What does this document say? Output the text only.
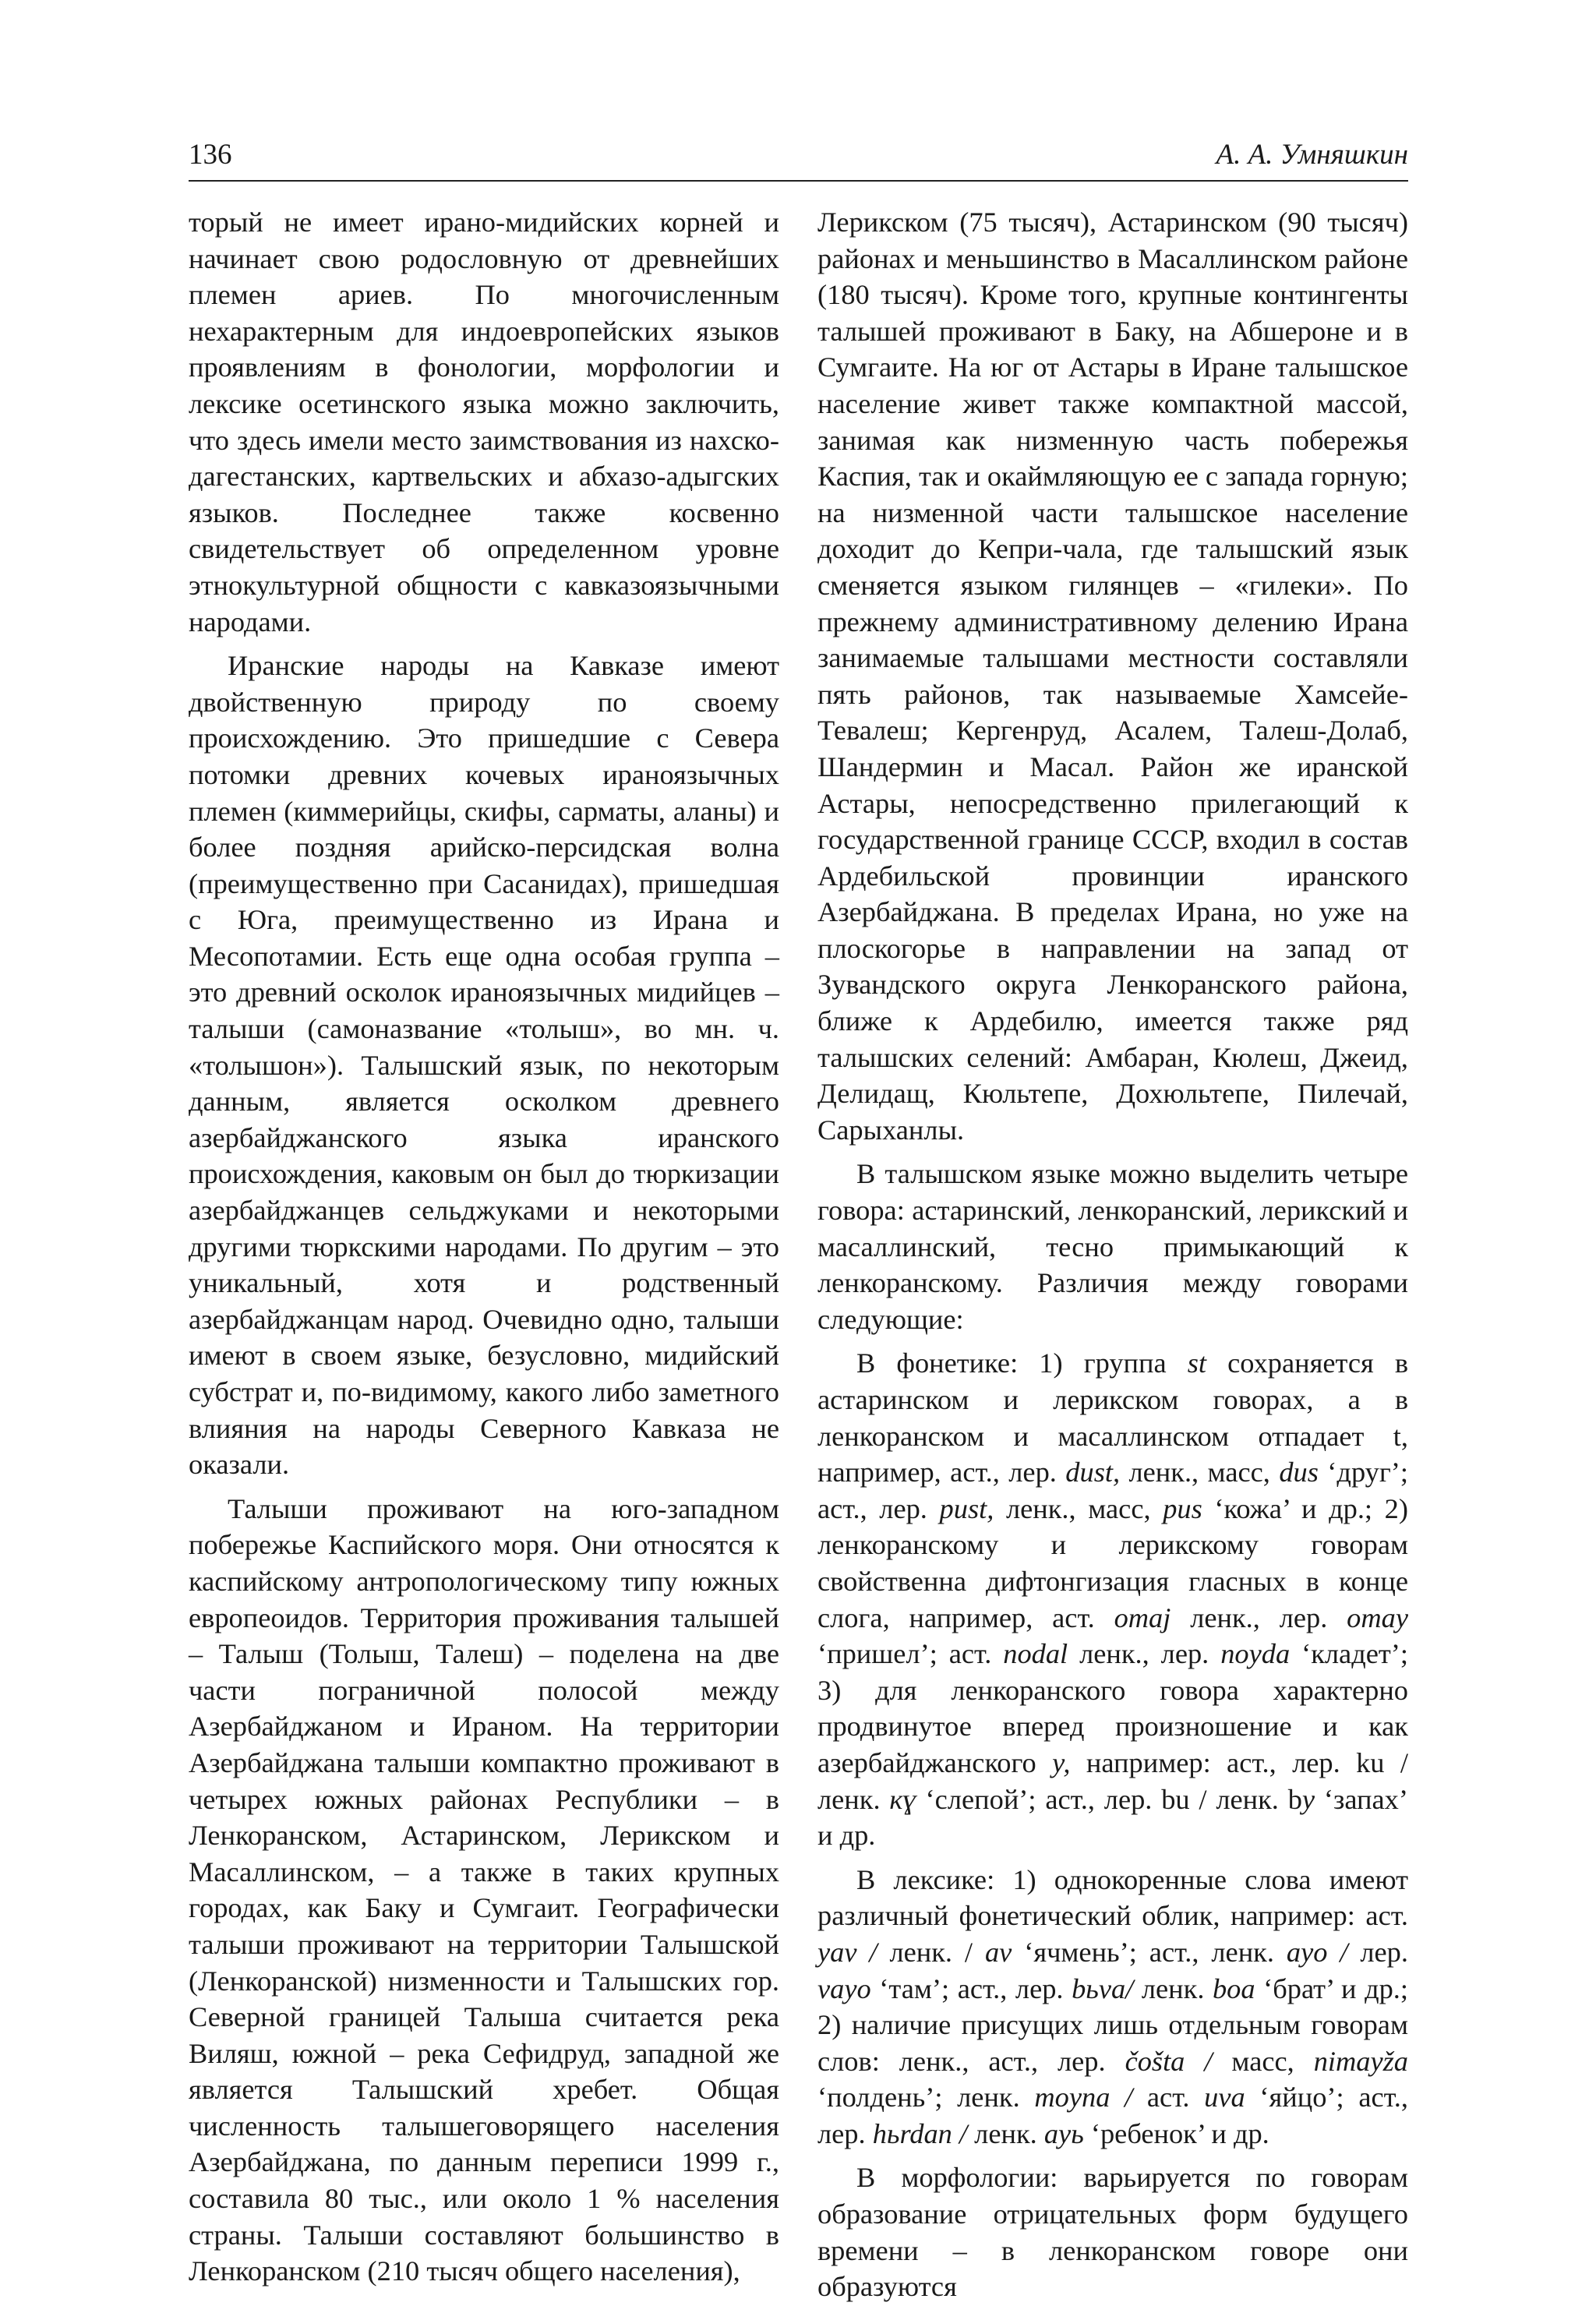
136	А. А. Умняшкин

торый не имеет ирано-мидийских корней и начинает свою родословную от древнейших племен ариев. По многочисленным нехарактерным для индоевропейских языков проявлениям в фонологии, морфологии и лексике осетинского языка можно заключить, что здесь имели место заимствования из нахско-дагестанских, картвельских и абхазо-адыгских языков. Последнее также косвенно свидетельствует об определенном уровне этнокультурной общности с кавказоязычными народами.

Иранские народы на Кавказе имеют двойственную природу по своему происхождению. Это пришедшие с Севера потомки древних кочевых ираноязычных племен (киммерийцы, скифы, сарматы, аланы) и более поздняя арийско-персидская волна (преимущественно при Сасанидах), пришедшая с Юга, преимущественно из Ирана и Месопотамии. Есть еще одна особая группа – это древний осколок ираноязычных мидийцев – талыши (самоназвание «толыш», во мн. ч. «толышон»). Талышский язык, по некоторым данным, является осколком древнего азербайджанского языка иранского происхождения, каковым он был до тюркизации азербайджанцев сельджуками и некоторыми другими тюркскими народами. По другим – это уникальный, хотя и родственный азербайджанцам народ. Очевидно одно, талыши имеют в своем языке, безусловно, мидийский субстрат и, по-видимому, какого либо заметного влияния на народы Северного Кавказа не оказали.

Талыши проживают на юго-западном побережье Каспийского моря. Они относятся к каспийскому антропологическому типу южных европеоидов. Территория проживания талышей – Талыш (Толыш, Талеш) – поделена на две части пограничной полосой между Азербайджаном и Ираном. На территории Азербайджана талыши компактно проживают в четырех южных районах Республики – в Ленкоранском, Астаринском, Лерикском и Масаллинском, – а также в таких крупных городах, как Баку и Сумгаит. Географически талыши проживают на территории Талышской (Ленкоранской) низменности и Талышских гор. Северной границей Талыша считается река Виляш, южной – река Сефидруд, западной же является Талышский хребет. Общая численность талышеговорящего населения Азербайджана, по данным переписи 1999 г., составила 80 тыс., или около 1 % населения страны. Талыши составляют большинство в Ленкоранском (210 тысяч общего населения),

Лерикском (75 тысяч), Астаринском (90 тысяч) районах и меньшинство в Масаллинском районе (180 тысяч). Кроме того, крупные контингенты талышей проживают в Баку, на Абшероне и в Сумгаите. На юг от Астары в Иране талышское население живет также компактной массой, занимая как низменную часть побережья Каспия, так и окаймляющую ее с запада горную; на низменной части талышское население доходит до Кепри-чала, где талышский язык сменяется языком гилянцев – «гилеки». По прежнему административному делению Ирана занимаемые талышами местности составляли пять районов, так называемые Хамсейе-Тевалеш; Кергенруд, Асалем, Талеш-Долаб, Шандермин и Масал. Район же иранской Астары, непосредственно прилегающий к государственной границе СССР, входил в состав Ардебильской провинции иранского Азербайджана. В пределах Ирана, но уже на плоскогорье в направлении на запад от Зувандского округа Ленкоранского района, ближе к Ардебилю, имеется также ряд талышских селений: Амбаран, Кюлеш, Джеид, Делидащ, Кюльтепе, Дохюльтепе, Пилечай, Сарыханлы.

В талышском языке можно выделить четыре говора: астаринский, ленкоранский, лерикский и масаллинский, тесно примыкающий к ленкоранскому. Различия между говорами следующие:

В фонетике: 1) группа st сохраняется в астаринском и лерикском говорах, а в ленкоранском и масаллинском отпадает t, например, аст., лер. dust, ленк., масс, dus ‘друг’; аст., лер. pust, ленк., масс, pus ‘кожа’ и др.; 2) ленкоранскому и лерикскому говорам свойственна дифтонгизация гласных в конце слога, например, аст. omaj ленк., лер. omay ‘пришел’; аст. nodal ленк., лер. noyda ‘кладет’; 3) для ленкоранского говора характерно продвинутое вперед произношение и как азербайджанского у, например: аст., лер. ku / ленк. кɣ ‘слепой’; аст., лер. bu / ленк. bу ‘запах’ и др.

В лексике: 1) однокоренные слова имеют различный фонетический облик, например: аст. yav / ленк. / av ‘ячмень’; аст., ленк. ayo / лер. vayo ‘там’; аст., лер. bьva/ ленк. boa ‘брат’ и др.; 2) наличие присущих лишь отдельным говорам слов: ленк., аст., лер. čošta / масс, nіmayža ‘полдень’; ленк. moyna / аст. uva ‘яйцо’; аст., лер. hьrdan / ленк. ayь ‘ребенок’ и др.

В морфологии: варьируется по говорам образование отрицательных форм будущего времени – в ленкоранском говоре они образуются
